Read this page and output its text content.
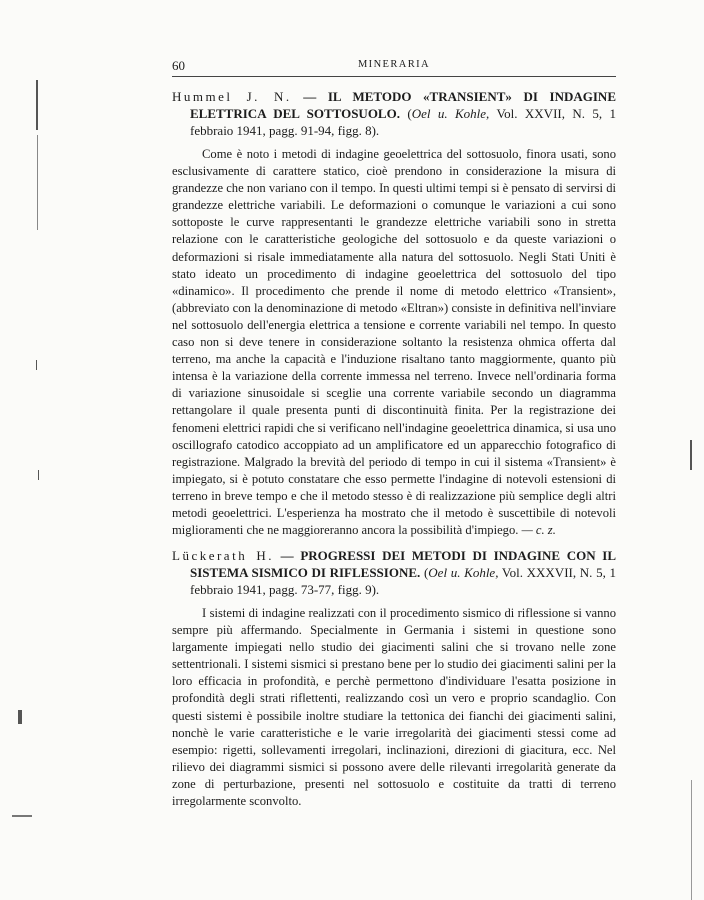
60	MINERARIA
Hummel J. N. — IL METODO «TRANSIENT» DI INDAGINE ELETTRICA DEL SOTTOSUOLO. (Oel u. Kohle, Vol. XXVII, N. 5, 1 febbraio 1941, pagg. 91-94, figg. 8).
Come è noto i metodi di indagine geoelettrica del sottosuolo, finora usati, sono esclusivamente di carattere statico, cioè prendono in considerazione la misura di grandezze che non variano con il tempo. In questi ultimi tempi si è pensato di servirsi di grandezze elettriche variabili. Le deformazioni o comunque le variazioni a cui sono sottoposte le curve rappresentanti le grandezze elettriche variabili sono in stretta relazione con le caratteristiche geologiche del sottosuolo e da queste variazioni o deformazioni si risale immediatamente alla natura del sottosuolo. Negli Stati Uniti è stato ideato un procedimento di indagine geoelettrica del sottosuolo del tipo «dinamico». Il procedimento che prende il nome di metodo elettrico «Transient», (abbreviato con la denominazione di metodo «Eltran») consiste in definitiva nell'inviare nel sottosuolo dell'energia elettrica a tensione e corrente variabili nel tempo. In questo caso non si deve tenere in considerazione soltanto la resistenza ohmica offerta dal terreno, ma anche la capacità e l'induzione risaltano tanto maggiormente, quanto più intensa è la variazione della corrente immessa nel terreno. Invece nell'ordinaria forma di variazione sinusoidale si sceglie una corrente variabile secondo un diagramma rettangolare il quale presenta punti di discontinuità finita. Per la registrazione dei fenomeni elettrici rapidi che si verificano nell'indagine geoelettrica dinamica, si usa uno oscillografo catodico accoppiato ad un amplificatore ed un apparecchio fotografico di registrazione. Malgrado la brevità del periodo di tempo in cui il sistema «Transient» è impiegato, si è potuto constatare che esso permette l'indagine di notevoli estensioni di terreno in breve tempo e che il metodo stesso è di realizzazione più semplice degli altri metodi geoelettrici. L'esperienza ha mostrato che il metodo è suscettibile di notevoli miglioramenti che ne maggioreranno ancora la possibilità d'impiego. — c. z.
Lückerath H. — PROGRESSI DEI METODI DI INDAGINE CON IL SISTEMA SISMICO DI RIFLESSIONE. (Oel u. Kohle, Vol. XXXVII, N. 5, 1 febbraio 1941, pagg. 73-77, figg. 9).
I sistemi di indagine realizzati con il procedimento sismico di riflessione si vanno sempre più affermando. Specialmente in Germania i sistemi in questione sono largamente impiegati nello studio dei giacimenti salini che si trovano nelle zone settentrionali. I sistemi sismici si prestano bene per lo studio dei giacimenti salini per la loro efficacia in profondità, e perchè permettono d'individuare l'esatta posizione in profondità degli strati riflettenti, realizzando così un vero e proprio scandaglio. Con questi sistemi è possibile inoltre studiare la tettonica dei fianchi dei giacimenti salini, nonchè le varie caratteristiche e le varie irregolarità dei giacimenti stessi come ad esempio: rigetti, sollevamenti irregolari, inclinazioni, direzioni di giacitura, ecc. Nel rilievo dei diagrammi sismici si possono avere delle rilevanti irregolarità generate da zone di perturbazione, presenti nel sottosuolo e costituite da tratti di terreno irregolarmente sconvolto.
